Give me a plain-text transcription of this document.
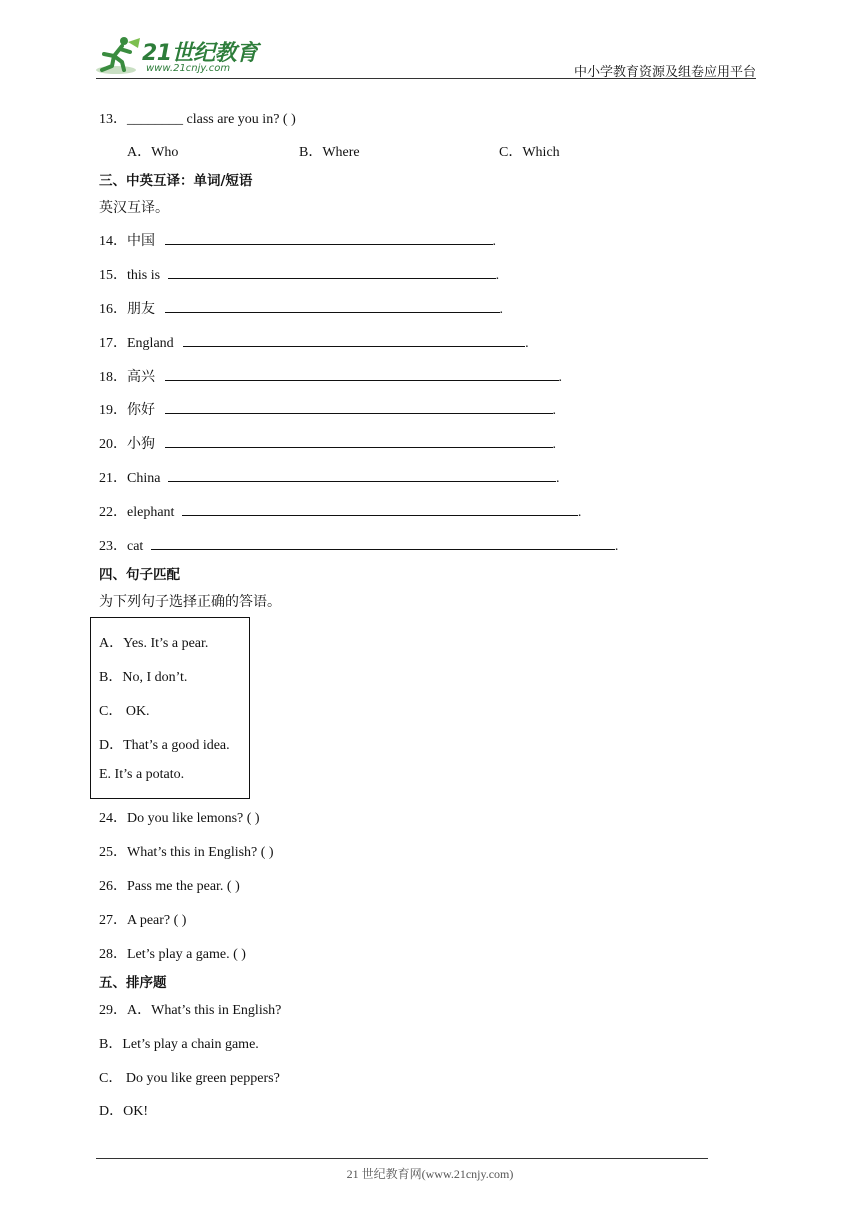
21世纪教育
www.21cnjy.com	中小学教育资源及组卷应用平台
13．________ class are you in? ( )
A．Who	B．Where	C．Which
三、中英互译：单词/短语
英汉互译。
14．中国	.
15．this is	.
16．朋友	.
17．England	.
18．高兴	.
19．你好	.
20．小狗	.
21．China	.
22．elephant	.
23．cat	.
四、句子匹配
为下列句子选择正确的答语。
A．Yes. It’s a pear.
B．No, I don’t.
C． OK.
D．That’s a good idea.
E. It’s a potato.
24．Do you like lemons? ( )
25．What’s this in English? ( )
26．Pass me the pear. ( )
27．A pear? ( )
28．Let’s play a game. ( )
五、排序题
29．A．What’s this in English?
B．Let’s play a chain game.
C． Do you like green peppers?
D．OK!
21 世纪教育网(www.21cnjy.com)
